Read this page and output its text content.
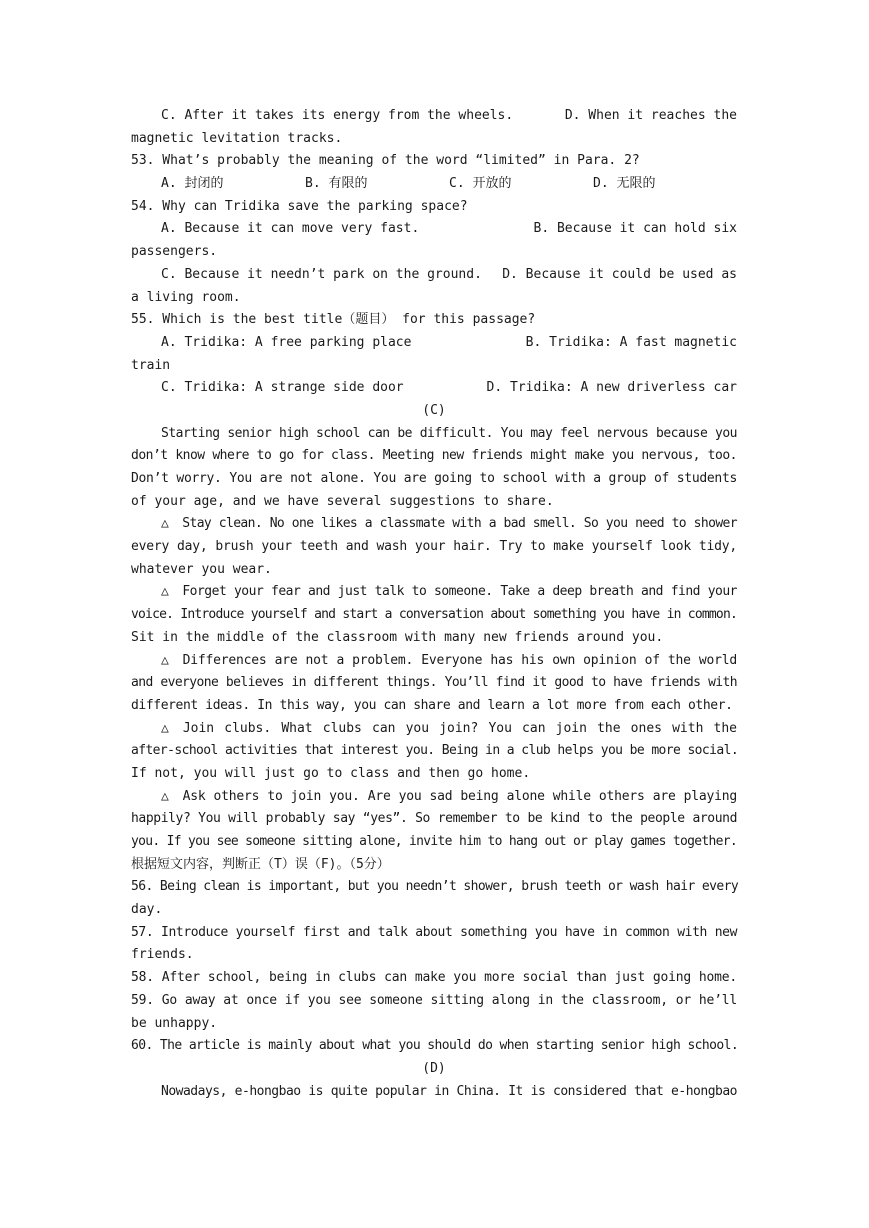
C. After it takes its energy from the wheels.	D. When it reaches the
magnetic levitation tracks.
53. What’s probably the meaning of the word “limited” in Para. 2?
A. 封闭的	B. 有限的	C. 开放的	D. 无限的
54. Why can Tridika save the parking space?
A. Because it can move very fast.	B. Because it can hold six
passengers.
C. Because it needn’t park on the ground. D. Because it could be used as
a living room.
55. Which is the best title（题目） for this passage?
A. Tridika: A free parking place	B. Tridika: A fast magnetic
train
C. Tridika: A strange side door	D. Tridika: A new driverless car
(C)
Starting senior high school can be difficult. You may feel nervous because you
don’t know where to go for class. Meeting new friends might make you nervous, too.
Don’t worry. You are not alone. You are going to school with a group of students
of your age, and we have several suggestions to share.
△ Stay clean. No one likes a classmate with a bad smell. So you need to shower
every day, brush your teeth and wash your hair. Try to make yourself look tidy,
whatever you wear.
△ Forget your fear and just talk to someone. Take a deep breath and find your
voice. Introduce yourself and start a conversation about something you have in common.
Sit in the middle of the classroom with many new friends around you.
△ Differences are not a problem. Everyone has his own opinion of the world
and everyone believes in different things. You’ll find it good to have friends with
different ideas. In this way, you can share and learn a lot more from each other.
△ Join clubs. What clubs can you join? You can join the ones with the
after-school activities that interest you. Being in a club helps you be more social.
If not, you will just go to class and then go home.
△ Ask others to join you. Are you sad being alone while others are playing
happily? You will probably say “yes”. So remember to be kind to the people around
you. If you see someone sitting alone, invite him to hang out or play games together.
根据短文内容，判断正（T）误（F)。（5分）
56. Being clean is important, but you needn’t shower, brush teeth or wash hair every
day.
57. Introduce yourself first and talk about something you have in common with new
friends.
58. After school, being in clubs can make you more social than just going home.
59. Go away at once if you see someone sitting along in the classroom, or he’ll
be unhappy.
60. The article is mainly about what you should do when starting senior high school.
(D)
Nowadays, e-hongbao is quite popular in China. It is considered that e-hongbao
